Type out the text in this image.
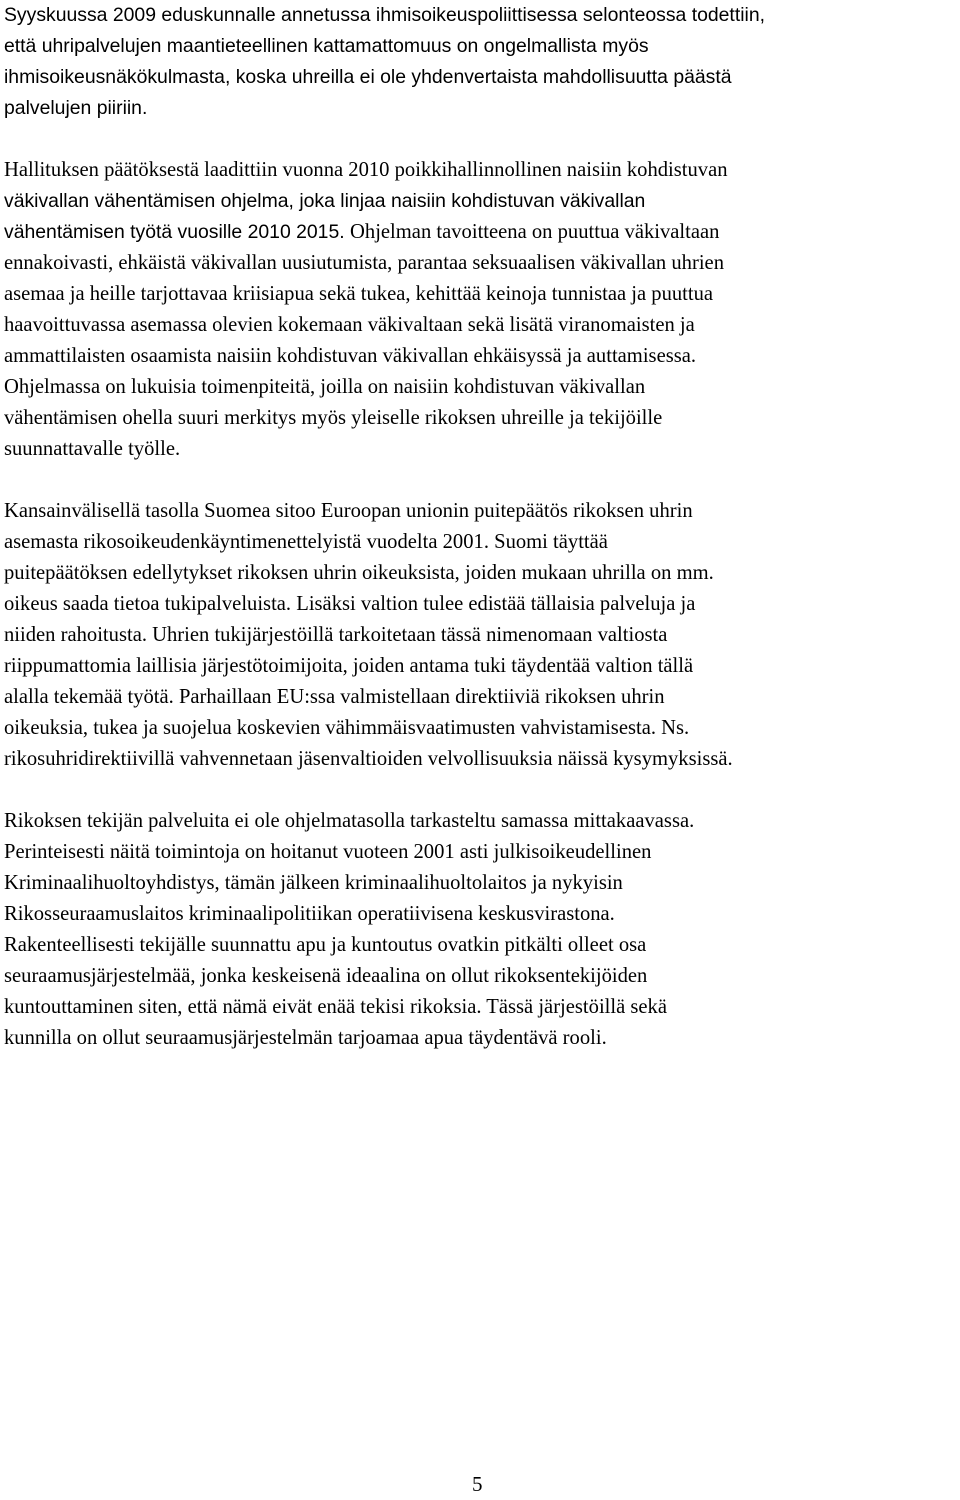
Syyskuussa 2009 eduskunnalle annetussa ihmisoikeuspoliittisessa selonteossa todettiin,
että uhripalvelujen maantieteellinen kattamattomuus on ongelmallista myös
ihmisoikeusnäkökulmasta, koska uhreilla ei ole yhdenvertaista mahdollisuutta päästä
palvelujen piiriin.
Hallituksen päätöksestä laadittiin vuonna 2010 poikkihallinnollinen naisiin kohdistuvan
väkivallan vähentämisen ohjelma, joka linjaa naisiin kohdistuvan väkivallan
vähentämisen työtä vuosille 2010 2015. Ohjelman tavoitteena on puuttua väkivaltaan
ennakoivasti, ehkäistä väkivallan uusiutumista, parantaa seksuaalisen väkivallan uhrien
asemaa ja heille tarjottavaa kriisiapua sekä tukea, kehittää keinoja tunnistaa ja puuttua
haavoittuvassa asemassa olevien kokemaan väkivaltaan sekä lisätä viranomaisten ja
ammattilaisten osaamista naisiin kohdistuvan väkivallan ehkäisyssä ja auttamisessa.
Ohjelmassa on lukuisia toimenpiteitä, joilla on naisiin kohdistuvan väkivallan
vähentämisen ohella suuri merkitys myös yleiselle rikoksen uhreille ja tekijöille
suunnattavalle työlle.
Kansainvälisellä tasolla Suomea sitoo Euroopan unionin puitepäätös rikoksen uhrin
asemasta rikosoikeudenkäyntimenettelyistä vuodelta 2001. Suomi täyttää
puitepäätöksen edellytykset rikoksen uhrin oikeuksista, joiden mukaan uhrilla on mm.
oikeus saada tietoa tukipalveluista. Lisäksi valtion tulee edistää tällaisia palveluja ja
niiden rahoitusta. Uhrien tukijärjestöillä tarkoitetaan tässä nimenomaan valtiosta
riippumattomia laillisia järjestötoimijoita, joiden antama tuki täydentää valtion tällä
alalla tekemää työtä. Parhaillaan EU:ssa valmistellaan direktiiviä rikoksen uhrin
oikeuksia, tukea ja suojelua koskevien vähimmäisvaatimusten vahvistamisesta. Ns.
rikosuhridirektiivillä vahvennetaan jäsenvaltioiden velvollisuuksia näissä kysymyksissä.
Rikoksen tekijän palveluita ei ole ohjelmatasolla tarkasteltu samassa mittakaavassa.
Perinteisesti näitä toimintoja on hoitanut vuoteen 2001 asti julkisoikeudellinen
Kriminaalihuoltoyhdistys, tämän jälkeen kriminaalihuoltolaitos ja nykyisin
Rikosseuraamuslaitos kriminaalipolitiikan operatiivisena keskusvirastona.
Rakenteellisesti tekijälle suunnattu apu ja kuntoutus ovatkin pitkälti olleet osa
seuraamusjärjestelmää, jonka keskeisenä ideaalina on ollut rikoksentekijöiden
kuntouttaminen siten, että nämä eivät enää tekisi rikoksia. Tässä järjestöillä sekä
kunnilla on ollut seuraamusjärjestelmän tarjoamaa apua täydentävä rooli.
5
